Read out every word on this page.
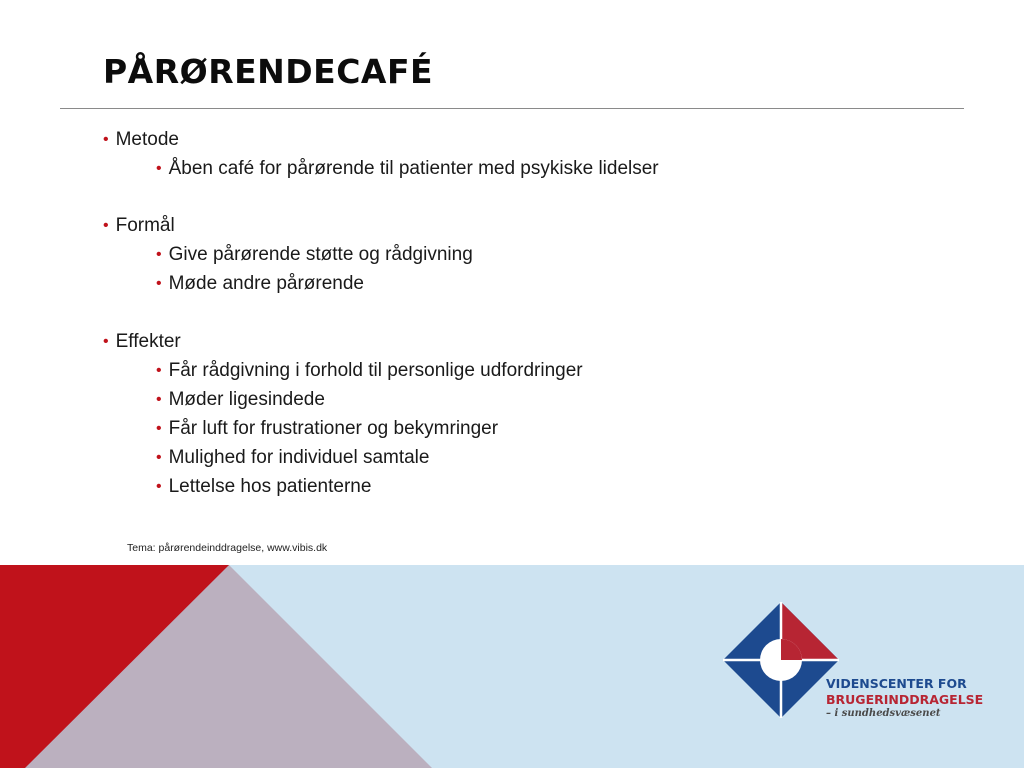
PÅRØRENDECAFÉ
• Metode
• Åben café for pårørende til patienter med psykiske lidelser
• Formål
• Give pårørende støtte og rådgivning
• Møde andre pårørende
• Effekter
• Får rådgivning i forhold til personlige udfordringer
• Møder ligesindede
• Får luft for frustrationer og bekymringer
• Mulighed for individuel samtale
• Lettelse hos patienterne
Tema: pårørendeinddragelse, www.vibis.dk
VIDENSCENTER FOR
BRUGERINDDRAGELSE
– i sundhedsvæsenet
